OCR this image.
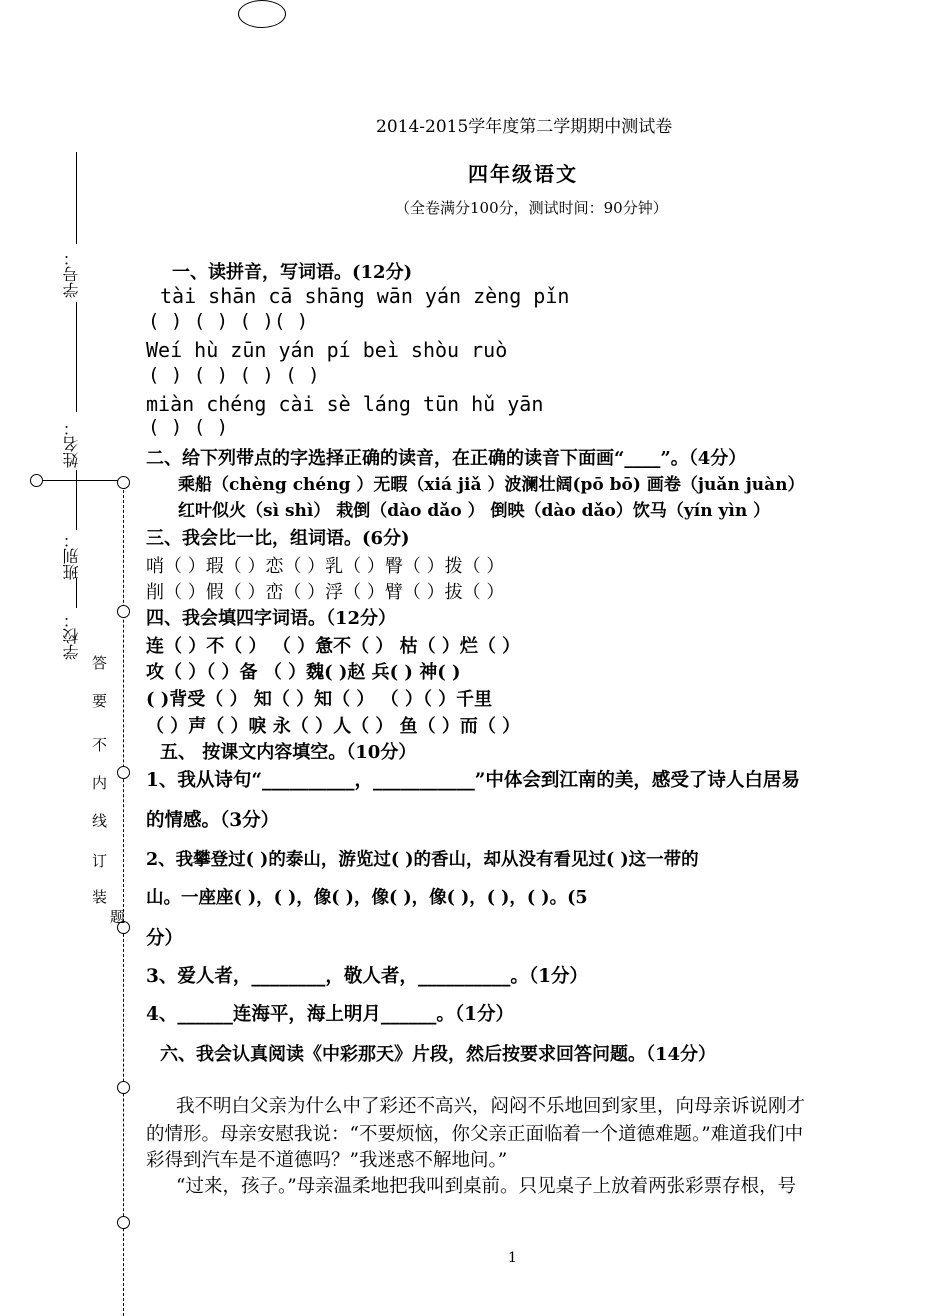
学号：
姓名：
班别：
学校：
答
要
不
内
线
订
装
题
2014-2015学年度第二学期期中测试卷
四年级语文
（全卷满分100分，测试时间：90分钟）
一、读拼音，写词语。(12分)
tài shān cā shāng wān yán zèng pǐn
( ) ( ) ( )( )
Weí hù zūn yán pí beì shòu ruò
( ) ( ) ( ) ( )
miàn chéng cài sè láng tūn hǔ yān
( ) ( )
二、给下列带点的字选择正确的读音，在正确的读音下面画“____”。（4分）
乘船（chèng chéng ）无暇（xiá jiǎ ）波澜壮阔(pō bō) 画卷（juǎn juàn）
红叶似火（sì shì） 栽倒（dào dǎo ） 倒映（dào dǎo）饮马（yín yìn ）
三、我会比一比，组词语。(6分)
哨（ ）瑕（ ）恋（ ）乳（ ）臀（ ）拨（ ）
削（ ）假（ ）峦（ ）浮（ ）臂（ ）拔（ ）
四、我会填四字词语。（12分）
连（ ）不（ ） （ ）惫不（ ） 枯（ ）烂（ ）
攻（ ）（ ）备 （ ）魏( )赵 兵( ) 神( )
( )背受（ ） 知（ ）知（ ） （ ）（ ）千里
（ ）声（ ）唳 永（ ）人（ ） 鱼（ ）而（ ）
五、 按课文内容填空。（10分）
1、我从诗句“__________，___________”中体会到江南的美，感受了诗人白居易
的情感。（3分）
2、我攀登过( )的泰山，游览过( )的香山，却从没有看见过( )这一带的
山。一座座( )，( )，像( )，像( )，像( )，( )，( )。(5
分）
3、爱人者，________，敬人者，__________。（1分）
4、______连海平，海上明月______。（1分）
六、我会认真阅读《中彩那天》片段，然后按要求回答问题。（14分）
我不明白父亲为什么中了彩还不高兴，闷闷不乐地回到家里，向母亲诉说刚才
的情形。母亲安慰我说：“不要烦恼，你父亲正面临着一个道德难题。”难道我们中
彩得到汽车是不道德吗？”我迷惑不解地问。”
“过来，孩子。”母亲温柔地把我叫到桌前。只见桌子上放着两张彩票存根，号
1
